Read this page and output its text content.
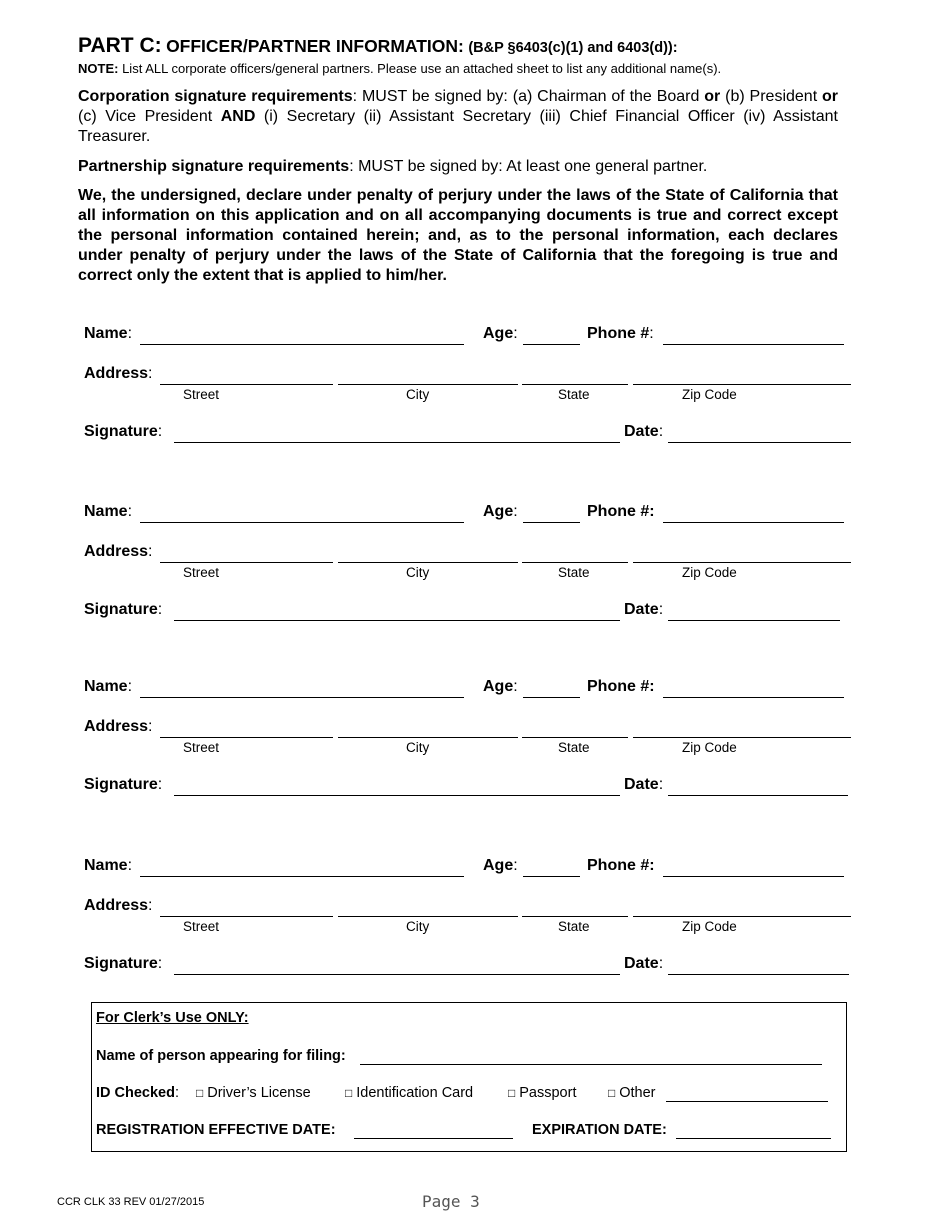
PART C: OFFICER/PARTNER INFORMATION: (B&P §6403(c)(1) and 6403(d)):
NOTE: List ALL corporate officers/general partners. Please use an attached sheet to list any additional name(s).
Corporation signature requirements: MUST be signed by: (a) Chairman of the Board or (b) President or (c) Vice President AND (i) Secretary (ii) Assistant Secretary (iii) Chief Financial Officer (iv) Assistant Treasurer.
Partnership signature requirements: MUST be signed by: At least one general partner.
We, the undersigned, declare under penalty of perjury under the laws of the State of California that all information on this application and on all accompanying documents is true and correct except the personal information contained herein; and, as to the personal information, each declares under penalty of perjury under the laws of the State of California that the foregoing is true and correct only the extent that is applied to him/her.
Name:	Age:	Phone #:
Address:
Street	City	State	Zip Code
Signature:	Date:
Name:	Age:	Phone #:
Address:
Street	City	State	Zip Code
Signature:	Date:
Name:	Age:	Phone #:
Address:
Street	City	State	Zip Code
Signature:	Date:
Name:	Age:	Phone #:
Address:
Street	City	State	Zip Code
Signature:	Date:
For Clerk’s Use ONLY:
Name of person appearing for filing:
ID Checked: □ Driver’s License	□ Identification Card	□ Passport	□ Other
REGISTRATION EFFECTIVE DATE:	EXPIRATION DATE:
CCR CLK 33 REV 01/27/2015	Page 3
